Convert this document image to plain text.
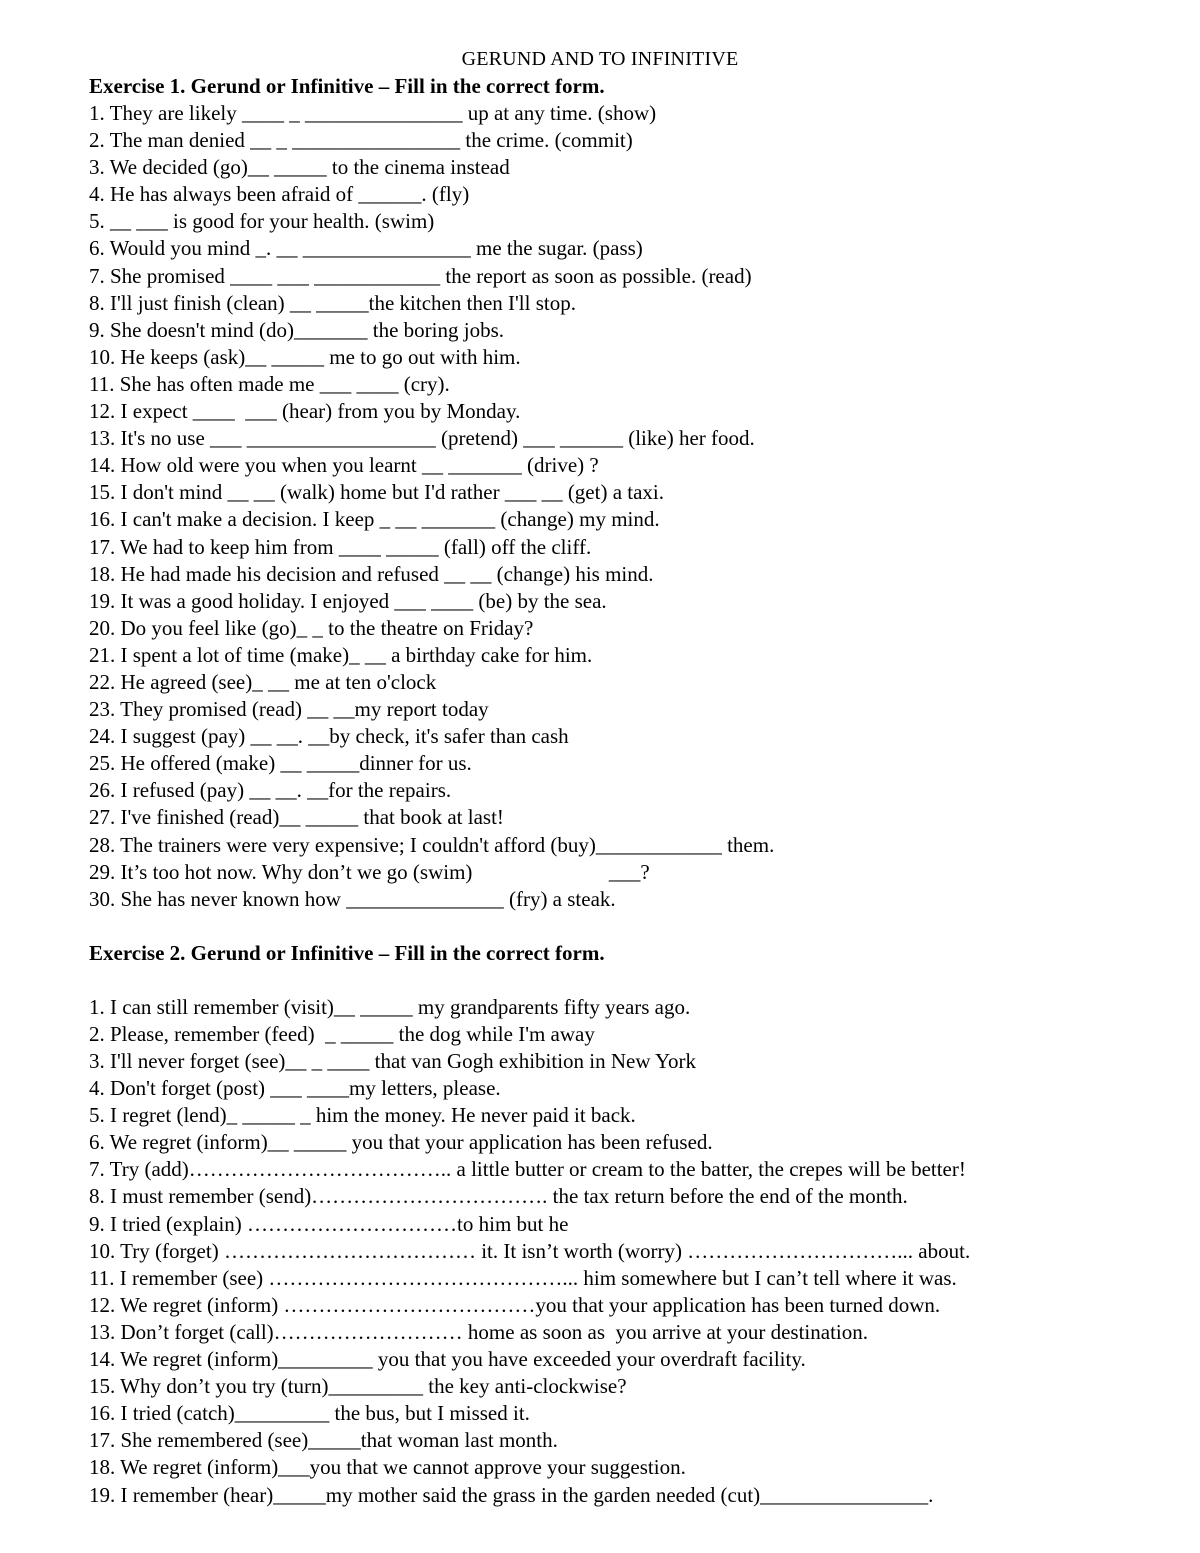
GERUND AND TO INFINITIVE
Exercise 1. Gerund or Infinitive – Fill in the correct form.
1. They are likely ____ _ _______________ up at any time. (show)
2. The man denied __ _ ________________ the crime. (commit)
3. We decided (go)__ _____ to the cinema instead
4. He has always been afraid of ______. (fly)
5. __ ___ is good for your health. (swim)
6. Would you mind _. __ ________________ me the sugar. (pass)
7. She promised ____ ___ ____________ the report as soon as possible. (read)
8. I'll just finish (clean) __ _____the kitchen then I'll stop.
9. She doesn't mind (do)_______ the boring jobs.
10. He keeps (ask)__ _____ me to go out with him.
11. She has often made me ___ ____ (cry).
12. I expect ____  ___ (hear) from you by Monday.
13. It's no use ___ __________________ (pretend) ___ ______ (like) her food.
14. How old were you when you learnt __ _______ (drive) ?
15. I don't mind __ __ (walk) home but I'd rather ___ __ (get) a taxi.
16. I can't make a decision. I keep _ __ _______ (change) my mind.
17. We had to keep him from ____ _____ (fall) off the cliff.
18. He had made his decision and refused __ __ (change) his mind.
19. It was a good holiday. I enjoyed ___ ____ (be) by the sea.
20. Do you feel like (go)_ _ to the theatre on Friday?
21. I spent a lot of time (make)_ __ a birthday cake for him.
22. He agreed (see)_ __ me at ten o'clock
23. They promised (read) __ __my report today
24. I suggest (pay) __ __. __by check, it's safer than cash
25. He offered (make) __ _____dinner for us.
26. I refused (pay) __ __. __for the repairs.
27. I've finished (read)__ _____ that book at last!
28. The trainers were very expensive; I couldn't afford (buy)____________ them.
29. It’s too hot now. Why don’t we go (swim)                          ___?
30. She has never known how _______________ (fry) a steak.
Exercise 2. Gerund or Infinitive – Fill in the correct form.
1. I can still remember (visit)__ _____ my grandparents fifty years ago.
2. Please, remember (feed)  _ _____ the dog while I'm away
3. I'll never forget (see)__ _ ____ that van Gogh exhibition in New York
4. Don't forget (post) ___ ____my letters, please.
5. I regret (lend)_ _____ _ him the money. He never paid it back.
6. We regret (inform)__ _____ you that your application has been refused.
7. Try (add)……………………………….. a little butter or cream to the batter, the crepes will be better!
8. I must remember (send)……………………………. the tax return before the end of the month.
9. I tried (explain) …………………………to him but he
10. Try (forget) ……………………………… it. It isn’t worth (worry) …………………………... about.
11. I remember (see) ……………………………………... him somewhere but I can’t tell where it was.
12. We regret (inform) ………………………………you that your application has been turned down.
13. Don’t forget (call)……………………… home as soon as  you arrive at your destination.
14. We regret (inform)_________ you that you have exceeded your overdraft facility.
15. Why don’t you try (turn)_________ the key anti-clockwise?
16. I tried (catch)_________ the bus, but I missed it.
17. She remembered (see)_____that woman last month.
18. We regret (inform)___you that we cannot approve your suggestion.
19. I remember (hear)_____my mother said the grass in the garden needed (cut)________________.
